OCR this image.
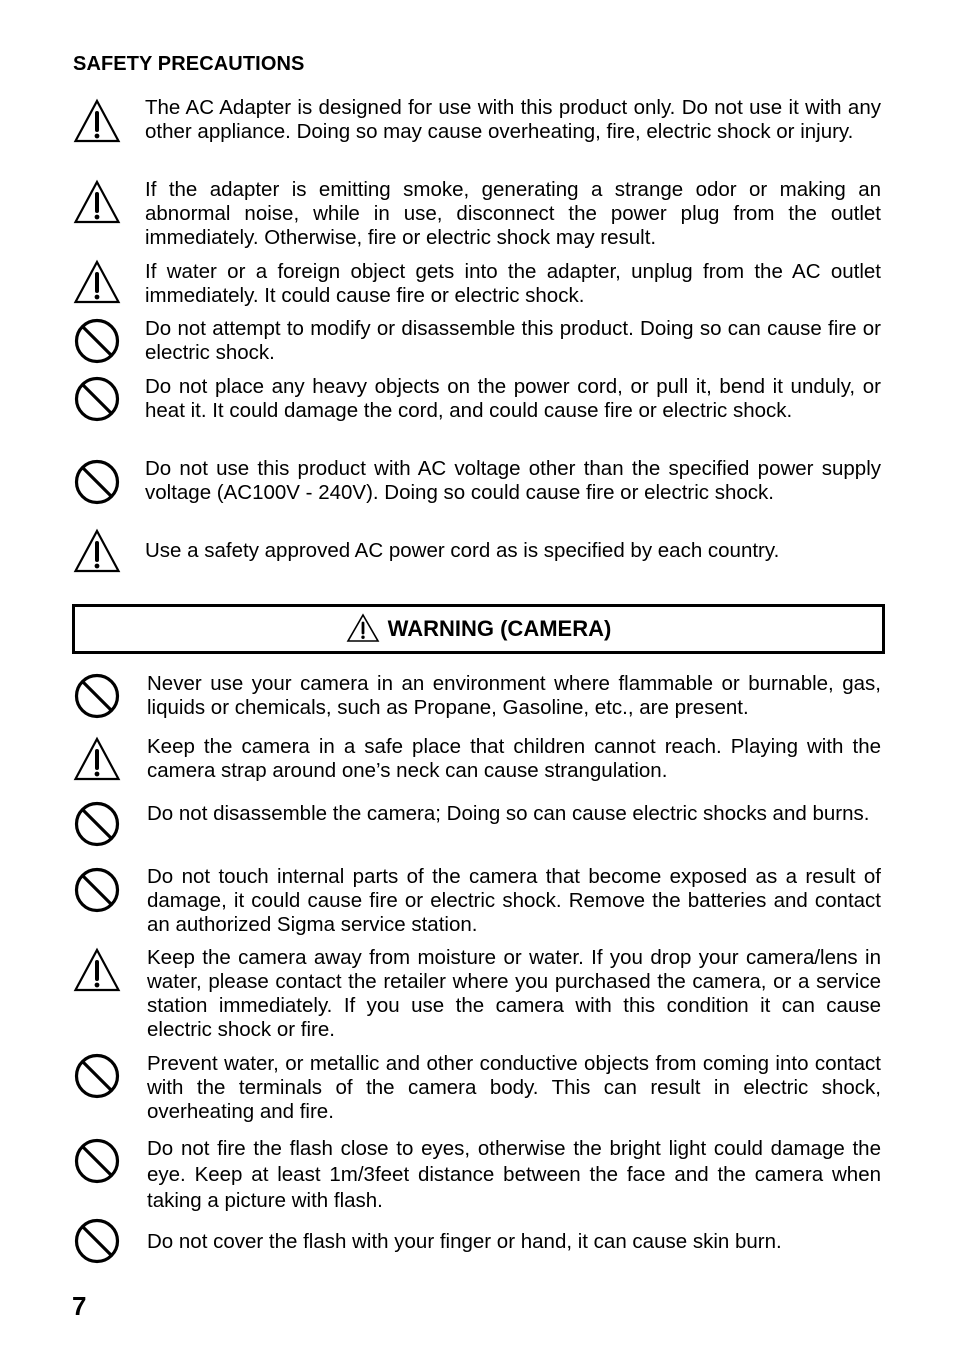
SAFETY PRECAUTIONS
The AC Adapter is designed for use with this product only. Do not use it with any other appliance. Doing so may cause overheating, fire, electric shock or injury.
If the adapter is emitting smoke, generating a strange odor or making an abnormal noise, while in use, disconnect the power plug from the outlet immediately. Otherwise, fire or electric shock may result.
If water or a foreign object gets into the adapter, unplug from the AC outlet immediately. It could cause fire or electric shock.
Do not attempt to modify or disassemble this product. Doing so can cause fire or electric shock.
Do not place any heavy objects on the power cord, or pull it, bend it unduly, or heat it. It could damage the cord, and could cause fire or electric shock.
Do not use this product with AC voltage other than the specified power supply voltage (AC100V - 240V). Doing so could cause fire or electric shock.
Use a safety approved AC power cord as is specified by each country.
WARNING (CAMERA)
Never use your camera in an environment where flammable or burnable, gas, liquids or chemicals, such as Propane, Gasoline, etc., are present.
Keep the camera in a safe place that children cannot reach. Playing with the camera strap around one’s neck can cause strangulation.
Do not disassemble the camera; Doing so can cause electric shocks and burns.
Do not touch internal parts of the camera that become exposed as a result of damage, it could cause fire or electric shock. Remove the batteries and contact an authorized Sigma service station.
Keep the camera away from moisture or water. If you drop your camera/lens in water, please contact the retailer where you purchased the camera, or a service station immediately. If you use the camera with this condition it can cause electric shock or fire.
Prevent water, or metallic and other conductive objects from coming into contact with the terminals of the camera body. This can result in electric shock, overheating and fire.
Do not fire the flash close to eyes, otherwise the bright light could damage the eye. Keep at least 1m/3feet distance between the face and the camera when taking a picture with flash.
Do not cover the flash with your finger or hand, it can cause skin burn.
7
